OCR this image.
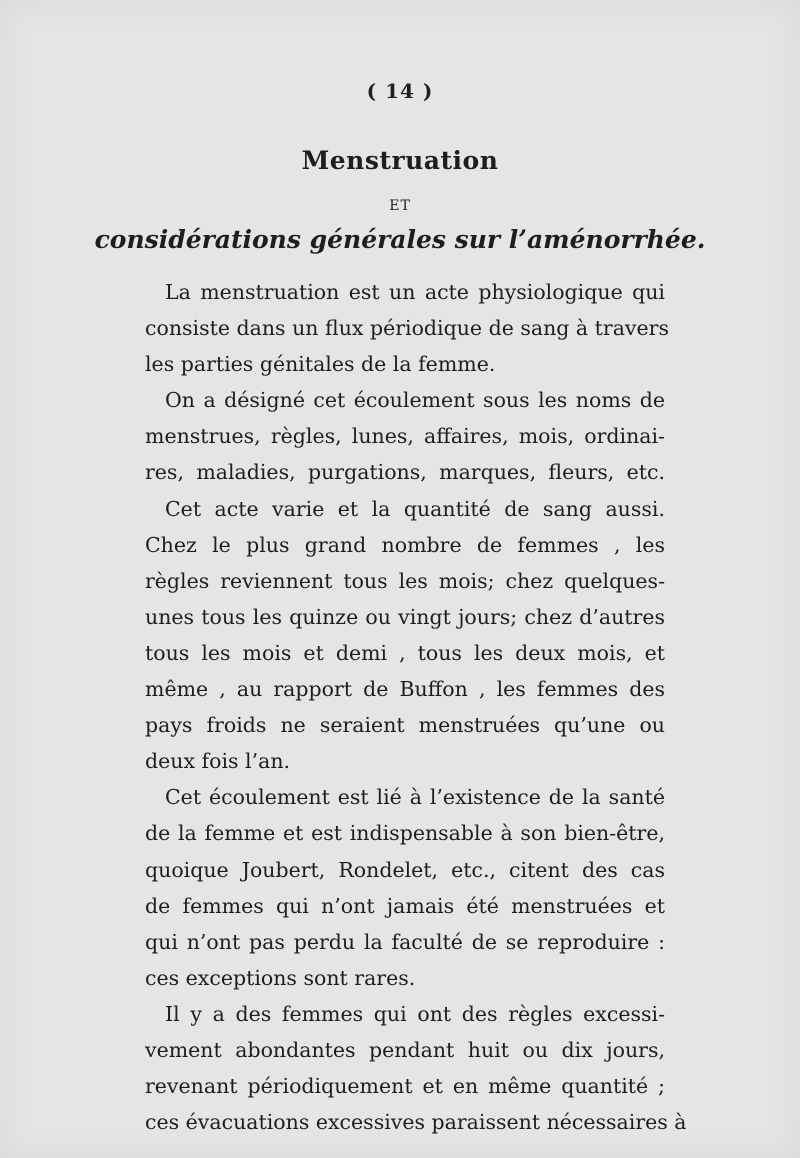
( 14 )
Menstruation
ET
considérations générales sur l’aménorrhée.
La menstruation est un acte physiologique qui
consiste dans un flux périodique de sang à travers
les parties génitales de la femme.
On a désigné cet écoulement sous les noms de
menstrues, règles, lunes, affaires, mois, ordinai-
res, maladies, purgations, marques, fleurs, etc.
Cet acte varie et la quantité de sang aussi.
Chez le plus grand nombre de femmes , les
règles reviennent tous les mois; chez quelques-
unes tous les quinze ou vingt jours; chez d’autres
tous les mois et demi , tous les deux mois, et
même , au rapport de Buffon , les femmes des
pays froids ne seraient menstruées qu’une ou
deux fois l’an.
Cet écoulement est lié à l’existence de la santé
de la femme et est indispensable à son bien-être,
quoique Joubert, Rondelet, etc., citent des cas
de femmes qui n’ont jamais été menstruées et
qui n’ont pas perdu la faculté de se reproduire :
ces exceptions sont rares.
Il y a des femmes qui ont des règles excessi-
vement abondantes pendant huit ou dix jours,
revenant périodiquement et en même quantité ;
ces évacuations excessives paraissent nécessaires à
